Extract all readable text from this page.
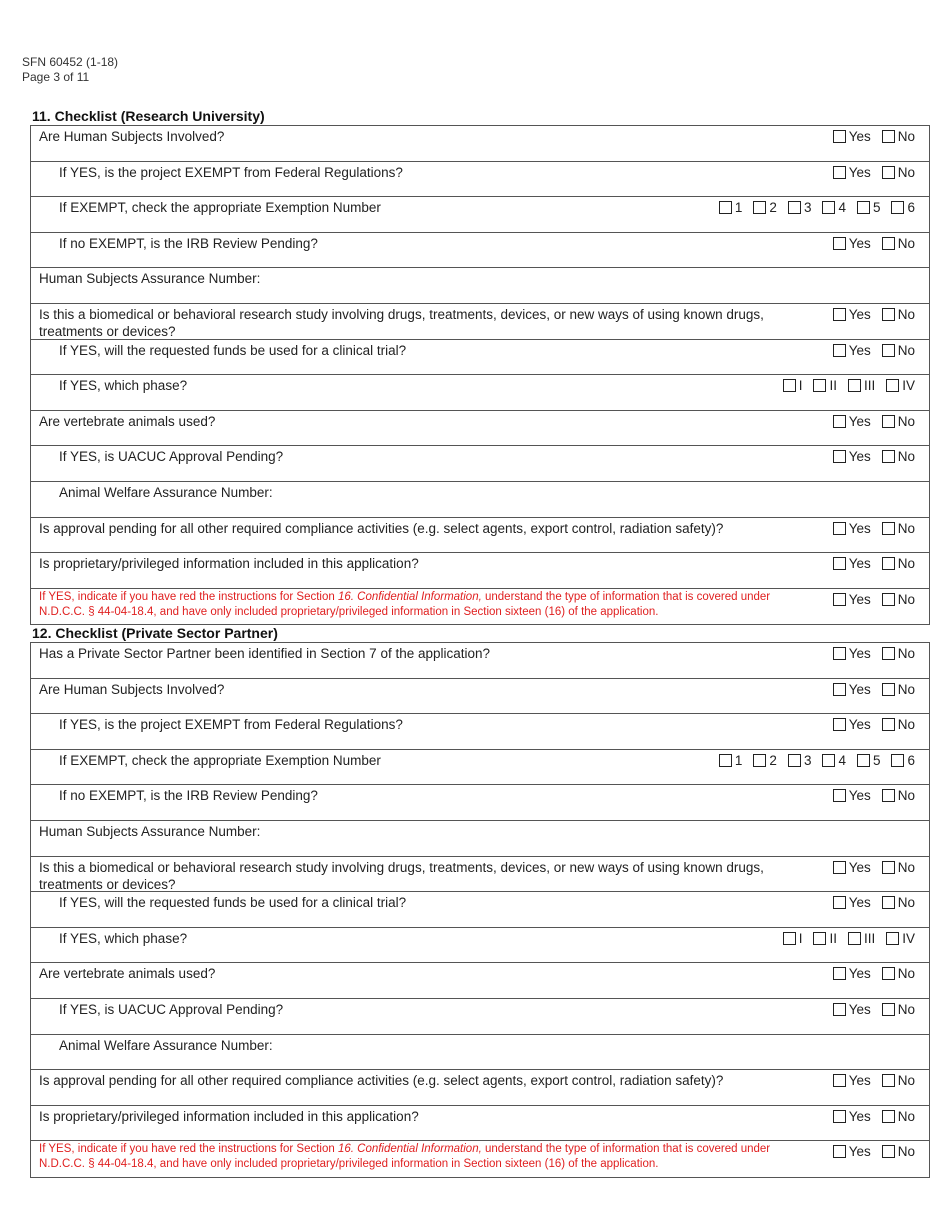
SFN 60452 (1-18)
Page 3 of 11
11. Checklist (Research University)
Are Human Subjects Involved?	Yes No
If YES, is the project EXEMPT from Federal Regulations?	Yes No
If EXEMPT, check the appropriate Exemption Number	1 2 3 4 5 6
If no EXEMPT, is the IRB Review Pending?	Yes No
Human Subjects Assurance Number:
Is this a biomedical or behavioral research study involving drugs, treatments, devices, or new ways of using known drugs, treatments or devices?
Yes No
If YES, will the requested funds be used for a clinical trial?	Yes No
If YES, which phase?	I II III IV
Are vertebrate animals used?	Yes No
If YES, is UACUC Approval Pending?	Yes No
Animal Welfare Assurance Number:
Is approval pending for all other required compliance activities (e.g. select agents, export control, radiation safety)?	Yes No
Is proprietary/privileged information included in this application?	Yes No
If YES, indicate if you have red the instructions for Section 16. Confidential Information, understand the type of information that is covered under N.D.C.C. § 44-04-18.4, and have only included proprietary/privileged information in Section sixteen (16) of the application.
Yes No
12. Checklist (Private Sector Partner)
Has a Private Sector Partner been identified in Section 7 of the application?	Yes No
Are Human Subjects Involved?	Yes No
If YES, is the project EXEMPT from Federal Regulations?	Yes No
If EXEMPT, check the appropriate Exemption Number	1 2 3 4 5 6
If no EXEMPT, is the IRB Review Pending?	Yes No
Human Subjects Assurance Number:
Is this a biomedical or behavioral research study involving drugs, treatments, devices, or new ways of using known drugs, treatments or devices?
Yes No
If YES, will the requested funds be used for a clinical trial?	Yes No
If YES, which phase?	I II III IV
Are vertebrate animals used?	Yes No
If YES, is UACUC Approval Pending?	Yes No
Animal Welfare Assurance Number:
Is approval pending for all other required compliance activities (e.g. select agents, export control, radiation safety)?	Yes No
Is proprietary/privileged information included in this application?	Yes No
If YES, indicate if you have red the instructions for Section 16. Confidential Information, understand the type of information that is covered under N.D.C.C. § 44-04-18.4, and have only included proprietary/privileged information in Section sixteen (16) of the application.
Yes No
